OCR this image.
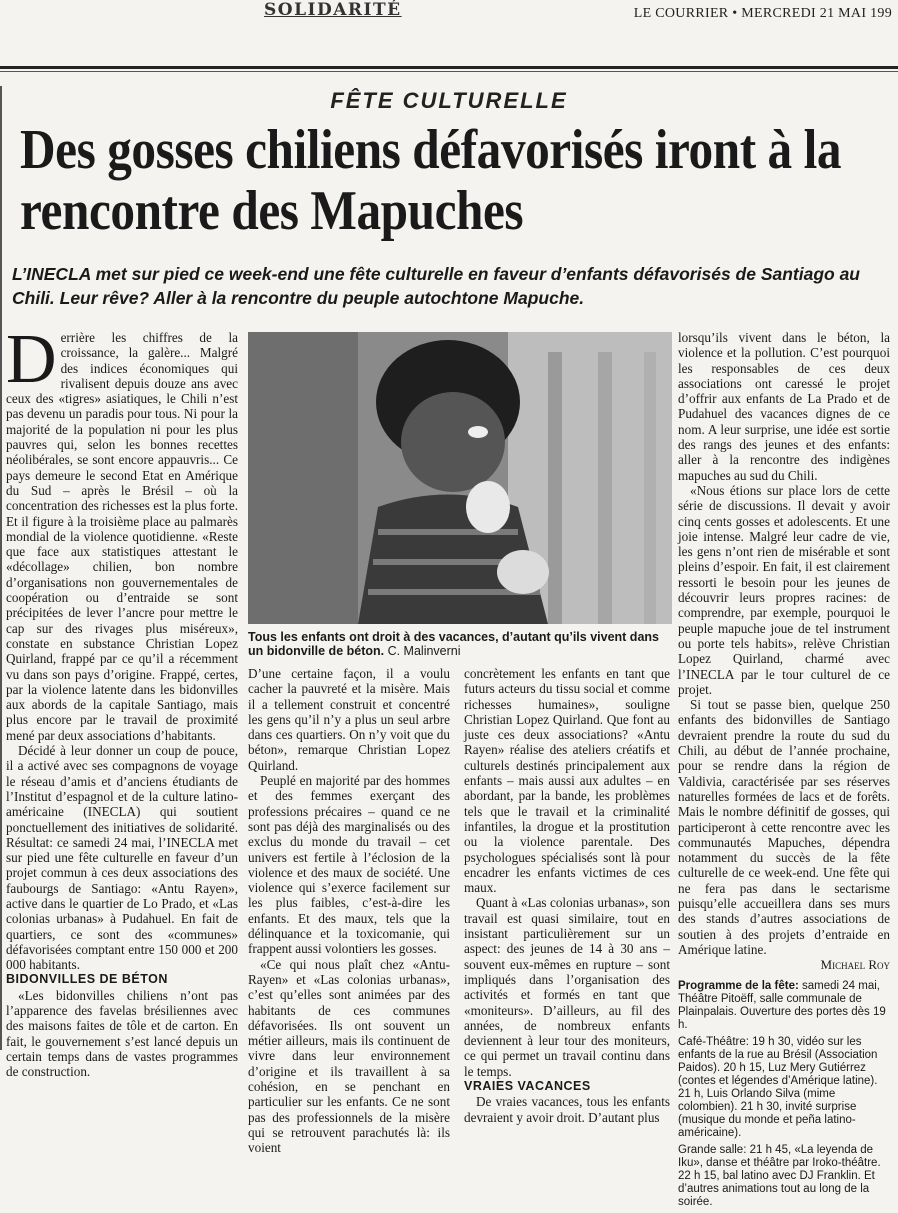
SOLIDARITÉ	LE COURRIER • MERCREDI 21 MAI 199
FÊTE CULTURELLE
Des gosses chiliens défavorisés iront à la rencontre des Mapuches
L’INECLA met sur pied ce week-end une fête culturelle en faveur d’enfants défavorisés de Santiago au Chili. Leur rêve? Aller à la rencontre du peuple autochtone Mapuche.

Derrière les chiffres de la croissance, la galère... Malgré des indices économiques qui rivalisent depuis douze ans avec ceux des «tigres» asiatiques, le Chili n’est pas devenu un paradis pour tous. Ni pour la majorité de la population ni pour les plus pauvres qui, selon les bonnes recettes néolibérales, se sont encore appauvris... Ce pays demeure le second Etat en Amérique du Sud – après le Brésil – où la concentration des richesses est la plus forte. Et il figure à la troisième place au palmarès mondial de la violence quotidienne. «Reste que face aux statistiques attestant le «décollage» chilien, bon nombre d’organisations non gouvernementales de coopération ou d’entraide se sont précipitées de lever l’ancre pour mettre le cap sur des rivages plus miséreux», constate en substance Christian Lopez Quirland, frappé par ce qu’il a récemment vu dans son pays d’origine. Frappé, certes, par la violence latente dans les bidonvilles aux abords de la capitale Santiago, mais plus encore par le travail de proximité mené par deux associations d’habitants.

Décidé à leur donner un coup de pouce, il a activé avec ses compagnons de voyage le réseau d’amis et d’anciens étudiants de l’Institut d’espagnol et de la culture latino-américaine (INECLA) qui soutient ponctuellement des initiatives de solidarité. Résultat: ce samedi 24 mai, l’INECLA met sur pied une fête culturelle en faveur d’un projet commun à ces deux associations des faubourgs de Santiago: «Antu Rayen», active dans le quartier de Lo Prado, et «Las colonias urbanas» à Pudahuel. En fait de quartiers, ce sont des «communes» défavorisées comptant entre 150 000 et 200 000 habitants.

BIDONVILLES DE BÉTON

«Les bidonvilles chiliens n’ont pas l’apparence des favelas brésiliennes avec des maisons faites de tôle et de carton. En fait, le gouvernement s’est lancé depuis un certain temps dans de vastes programmes de construction.

Tous les enfants ont droit à des vacances, d’autant qu’ils vivent dans un bidonville de béton. C. Malinverni

D’une certaine façon, il a voulu cacher la pauvreté et la misère. Mais il a tellement construit et concentré les gens qu’il n’y a plus un seul arbre dans ces quartiers. On n’y voit que du béton», remarque Christian Lopez Quirland.

Peuplé en majorité par des hommes et des femmes exerçant des professions précaires – quand ce ne sont pas déjà des marginalisés ou des exclus du monde du travail – cet univers est fertile à l’éclosion de la violence et des maux de société. Une violence qui s’exerce facilement sur les plus faibles, c’est-à-dire les enfants. Et des maux, tels que la délinquance et la toxicomanie, qui frappent aussi volontiers les gosses.

«Ce qui nous plaît chez «Antu-Rayen» et «Las colonias urbanas», c’est qu’elles sont animées par des habitants de ces communes défavorisées. Ils ont souvent un métier ailleurs, mais ils continuent de vivre dans leur environnement d’origine et ils travaillent à sa cohésion, en se penchant en particulier sur les enfants. Ce ne sont pas des professionnels de la misère qui se retrouvent parachutés là: ils voient

concrètement les enfants en tant que futurs acteurs du tissu social et comme richesses humaines», souligne Christian Lopez Quirland. Que font au juste ces deux associations? «Antu Rayen» réalise des ateliers créatifs et culturels destinés principalement aux enfants – mais aussi aux adultes – en abordant, par la bande, les problèmes tels que le travail et la criminalité infantiles, la drogue et la prostitution ou la violence parentale. Des psychologues spécialisés sont là pour encadrer les enfants victimes de ces maux.

Quant à «Las colonias urbanas», son travail est quasi similaire, tout en insistant particulièrement sur un aspect: des jeunes de 14 à 30 ans – souvent eux-mêmes en rupture – sont impliqués dans l’organisation des activités et formés en tant que «moniteurs». D’ailleurs, au fil des années, de nombreux enfants deviennent à leur tour des moniteurs, ce qui permet un travail continu dans le temps.

VRAIES VACANCES

De vraies vacances, tous les enfants devraient y avoir droit. D’autant plus

lorsqu’ils vivent dans le béton, la violence et la pollution. C’est pourquoi les responsables de ces deux associations ont caressé le projet d’offrir aux enfants de La Prado et de Pudahuel des vacances dignes de ce nom. A leur surprise, une idée est sortie des rangs des jeunes et des enfants: aller à la rencontre des indigènes mapuches au sud du Chili.

«Nous étions sur place lors de cette série de discussions. Il devait y avoir cinq cents gosses et adolescents. Et une joie intense. Malgré leur cadre de vie, les gens n’ont rien de misérable et sont pleins d’espoir. En fait, il est clairement ressorti le besoin pour les jeunes de découvrir leurs propres racines: de comprendre, par exemple, pourquoi le peuple mapuche joue de tel instrument ou porte tels habits», relève Christian Lopez Quirland, charmé avec l’INECLA par le tour culturel de ce projet.

Si tout se passe bien, quelque 250 enfants des bidonvilles de Santiago devraient prendre la route du sud du Chili, au début de l’année prochaine, pour se rendre dans la région de Valdivia, caractérisée par ses réserves naturelles formées de lacs et de forêts. Mais le nombre définitif de gosses, qui participeront à cette rencontre avec les communautés Mapuches, dépendra notamment du succès de la fête culturelle de ce week-end. Une fête qui ne fera pas dans le sectarisme puisqu’elle accueillera dans ses murs des stands d’autres associations de soutien à des projets d’entraide en Amérique latine.

Michael Roy

Programme de la fête: samedi 24 mai, Théâtre Pitoëff, salle communale de Plainpalais. Ouverture des portes dès 19 h.

Café-Théâtre: 19 h 30, vidéo sur les enfants de la rue au Brésil (Association Paidos). 20 h 15, Luz Mery Gutiérrez (contes et légendes d’Amérique latine). 21 h, Luis Orlando Silva (mime colombien). 21 h 30, invité surprise (musique du monde et peña latino-américaine).

Grande salle: 21 h 45, «La leyenda de Iku», danse et théâtre par Iroko-théâtre. 22 h 15, bal latino avec DJ Franklin. Et d’autres animations tout au long de la soirée.
